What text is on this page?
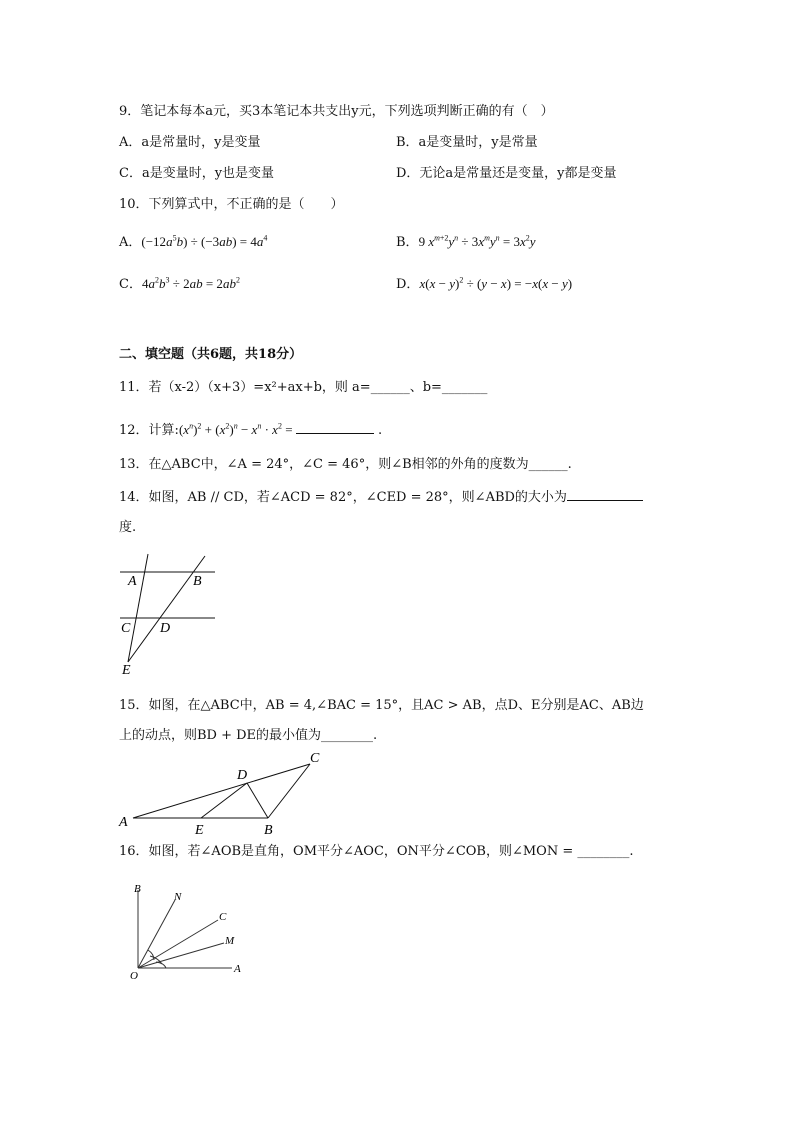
9．笔记本每本a元，买3本笔记本共支出y元，下列选项判断正确的有（　）
A．a是常量时，y是变量	B．a是变量时，y是常量
C．a是变量时，y也是变量	D．无论a是常量还是变量，y都是变量
10．下列算式中，不正确的是（　　）
A．$(-12a^5b) \div (-3ab) = 4a^4$	B．9 $x^{m+2}y^n \div 3x^my^n = 3x^2y$
C．$4a^2b^3 \div 2ab = 2ab^2$	D．$x(x - y)^2 \div (y - x) = -x(x - y)$
二、填空题（共6题，共18分）
11．若（x-2）（x+3）=x²+ax+b，则 a=______、b=_______
12．计算$:(x^n)^2 + (x^2)^n - x^n \cdot x^2$ =	.
13．在△ABC中，∠A = 24°，∠C = 46°，则∠B相邻的外角的度数为______.
14．如图，AB // CD，若∠ACD = 82°，∠CED = 28°，则∠ABD的大小为
度.
A	B
C D
E
15．如图，在△ABC中，AB = 4,∠BAC = 15°，且AC > AB，点D、E分别是AC、AB边
上的动点，则BD + DE的最小值为________.
A
E	B
D
C
16．如图，若∠AOB是直角，OM平分∠AOC，ON平分∠COB，则∠MON = ________.
B
N
C
M
O
A
